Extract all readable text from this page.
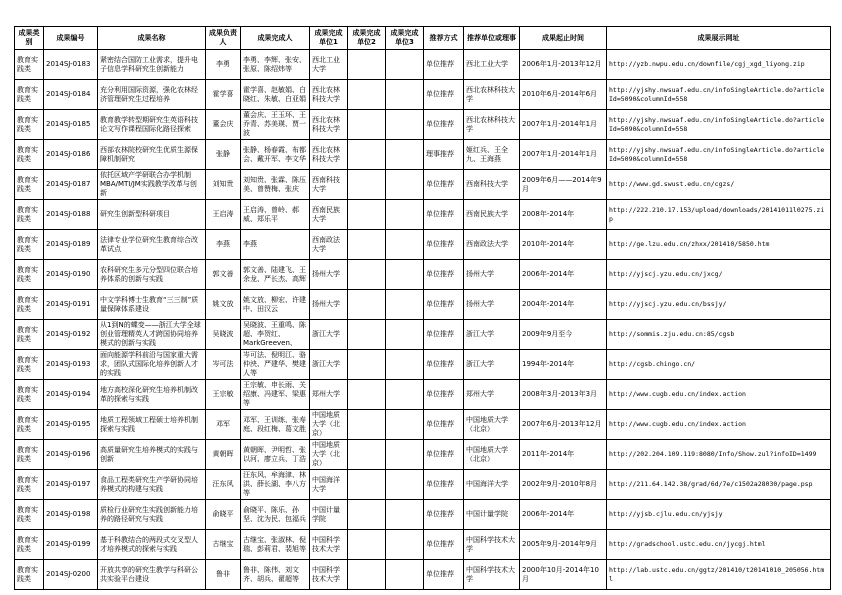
成果类别	成果编号	成果名称	成果负责人	成果完成人	成果完成单位1	成果完成单位2	成果完成单位3	推荐方式	推荐单位或理事	成果起止时间	成果展示网址
教育实践类	2014SJ-0183	紧密结合国防工业需求，提升电子信息学科研究生创新能力	李勇	李勇、李辉、张安、张原、陈绍炜等	西北工业大学			单位推荐	西北工业大学	2006年1月-2013年12月	http://yzb.nwpu.edu.cn/downfile/cgj_xgd_liyong.zip
教育实践类	2014SJ-0184	充分利用国际资源，强化农林经济管理研究生过程培养	霍学喜	霍学喜、赵敏娟、白晓红、朱敏、白亚娟	西北农林科技大学			单位推荐	西北农林科技大学	2010年6月-2014年6月	http://yjshy.nwsuaf.edu.cn/infoSingleArticle.do?articleId=5090&columnId=558
教育实践类	2014SJ-0185	教育教学转型期研究生英语科技论文写作课程国际化路径探索	董会庆	董会庆、王玉环、王乔青、苏美瑛、贾一波	西北农林科技大学			单位推荐	西北农林科技大学	2007年1月-2014年1月	http://yjshy.nwsuaf.edu.cn/infoSingleArticle.do?articleId=5090&columnId=558
教育实践类	2014SJ-0186	西部农林院校研究生优质生源保障机制研究	张静	张静、杨春霞、布都会、戴开军、李文华	西北农林科技大学			理事推荐	姬红兵、王全九、王海燕	2007年1月-2014年1月	http://yjshy.nwsuaf.edu.cn/infoSingleArticle.do?articleId=5090&columnId=558
教育实践类	2014SJ-0187	依托区域产学研联合办学机制MBA/MTI/JM实践教学改革与创新	刘知贵	刘知贵、张霖、陈压美、曾赞梅、张庆	西南科技大学			单位推荐	西南科技大学	2009年6月——2014年9月	http://www.gd.swust.edu.cn/cgzs/
教育实践类	2014SJ-0188	研究生创新型科研项目	王启涛	王启涛、曾岭、郝威、郑乐平	西南民族大学			单位推荐	西南民族大学	2008年-2014年	http://222.210.17.153/upload/downloads/20141011l0275.zip
教育实践类	2014SJ-0189	法律专业学位研究生教育综合改革试点	李燕	李燕	西南政法大学			单位推荐	西南政法大学	2010年-2014年	http://ge.lzu.edu.cn/zhxx/201410/5850.htm
教育实践类	2014SJ-0190	农科研究生多元分型四位联合培养体系的创新与实践	郭文善	郭文善、陆建飞、王余龙、严长杰、高辉	扬州大学			单位推荐	扬州大学	2006年-2014年	http://yjscj.yzu.edu.cn/jxcg/
教育实践类	2014SJ-0191	中文学科博士生教育“三三制”质量保障体系建设	姚文放	姚文放、柳宏、许建中、田汉云	扬州大学			单位推荐	扬州大学	2004年-2014年	http://yjscj.yzu.edu.cn/bssjy/
教育实践类	2014SJ-0192	从1到N的蝶变——浙江大学全球创业管理精英人才跨国协同培养模式的创新与实践	吴晓波	吴晓波、王重鸣、陈超、李贺红、MarkGreeven、	浙江大学			单位推荐	浙江大学	2009年9月至今	http://sommis.zju.edu.cn:85/cgsb
教育实践类	2014SJ-0193	面向能源学科前沿与国家重大需求，团队式国际化培养创新人才的实践	岑可法	岑可法、倪明江、骆仲泱、严建华、樊建人等	浙江大学			单位推荐	浙江大学	1994年-2014年	http://cgsb.chingo.cn/
教育实践类	2014SJ-0194	地方高校深化研究生培养机制改革的探索与实践	王宗敏	王宗敏、申长雨、关绍康、冯建军、梁惠等	郑州大学			单位推荐	郑州大学	2008年3月-2013年3月	http://www.cugb.edu.cn/index.action
教育实践类	2014SJ-0195	地质工程领域工程硕士培养机制探索与实践	邓军	邓军、王训练、张寿庭、段红梅、葛文胜	中国地质大学（北京）			单位推荐	中国地质大学（北京）	2007年6月-2013年12月	http://www.cugb.edu.cn/index.action
教育实践类	2014SJ-0196	高质量研究生培养模式的实践与创新	黄朝晖	黄朝晖、尹明哲、张以河、廖立兵、丁浩	中国地质大学（北京）			单位推荐	中国地质大学（北京）	2011年-2014年	http://202.204.109.119:8080/Info/Show.zul?infoID=1499
教育实践类	2014SJ-0197	食品工程类研究生产学研协同培养模式的构建与实践	汪东风	汪东风、牟海津、林洪、薛长湖、李八方等	中国海洋大学			单位推荐	中国海洋大学	2002年9月-2010年8月	http://211.64.142.38/grad/6d/7e/c1502a28030/page.psp
教育实践类	2014SJ-0198	质检行业研究生实践创新能力培养的路径研究与实践	俞晓平	俞晓平、陈乐、孙坚、沈为民、包福兵	中国计量学院			单位推荐	中国计量学院	2006年-2014年	http://yjsb.cjlu.edu.cn/yjsjy
教育实践类	2014SJ-0199	基于科教结合的两段式交叉型人才培养模式的探索与实践	古继宝	古继宝、张淑林、倪瑞、彭莉君、裴旭等	中国科学技术大学			单位推荐	中国科学技术大学	2005年9月-2014年9月	http://gradschool.ustc.edu.cn/jycgj.html
教育实践类	2014SJ-0200	开放共享的研究生教学与科研公共实验平台建设	鲁非	鲁非、陈伟、刘文齐、胡兵、翟超等	中国科学技术大学			单位推荐	中国科学技术大学	2000年10月-2014年10月	http://lab.ustc.edu.cn/ggtz/201410/t20141010_205056.html
